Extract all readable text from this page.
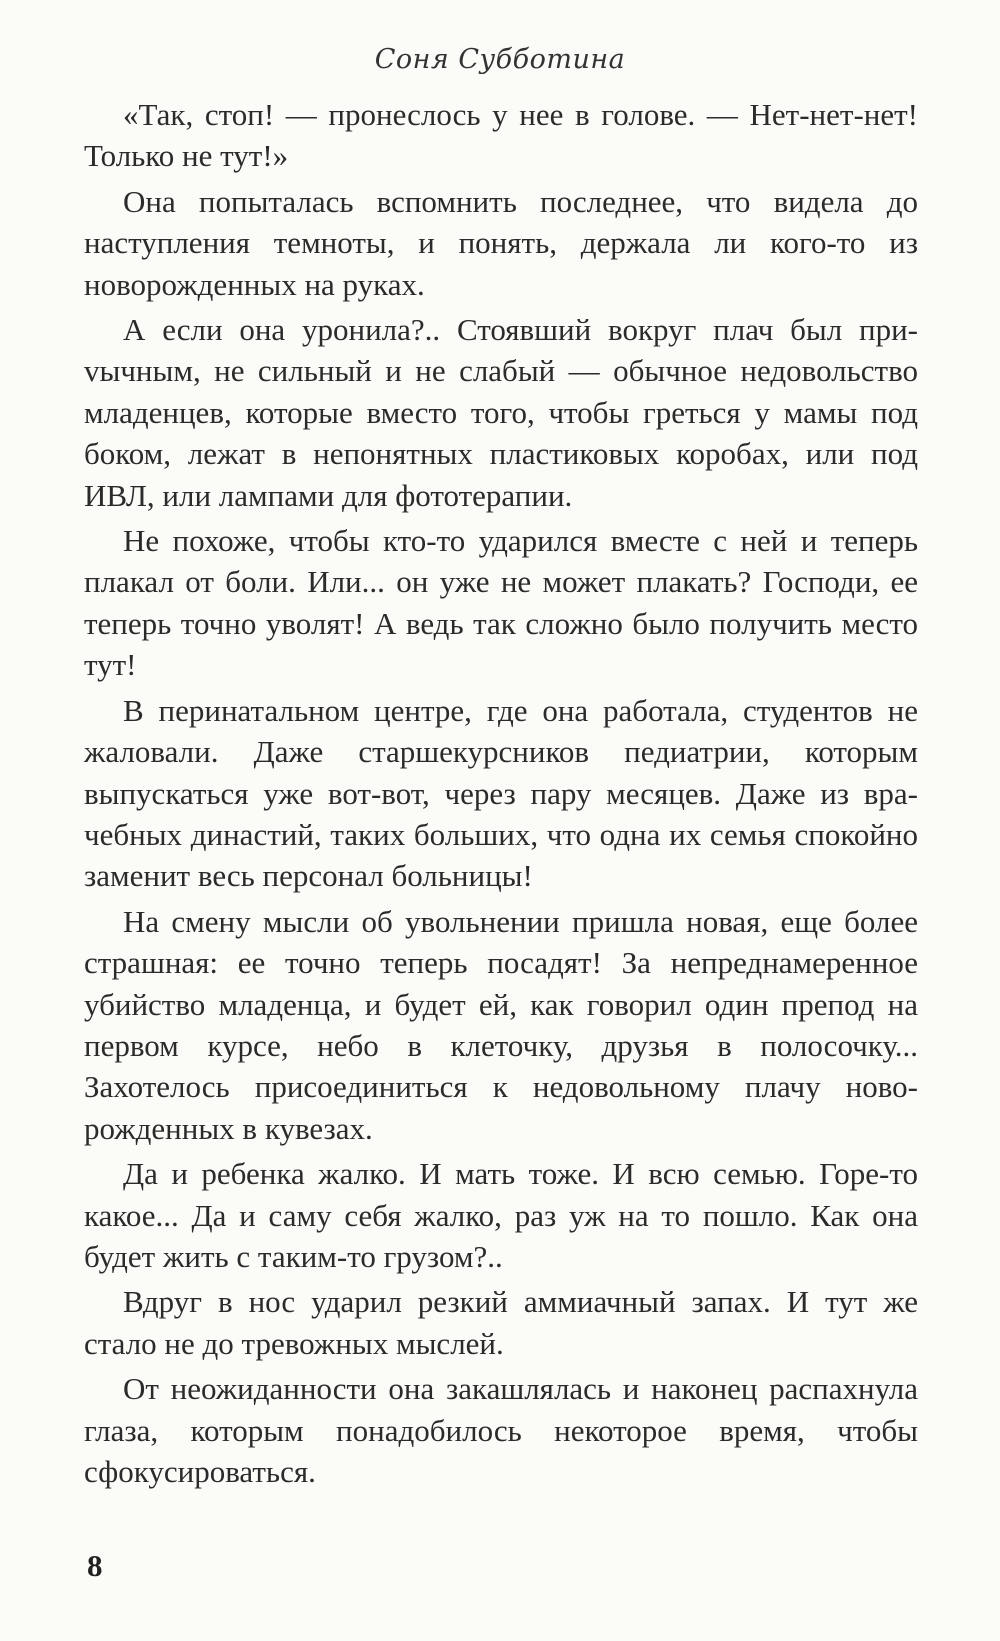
Соня Субботина

«Так, стоп! — пронеслось у нее в голове. — Нет-нет-нет! Только не тут!»

Она попыталась вспомнить последнее, что видела до наступления темноты, и понять, держала ли кого-то из новорожденных на руках.

А если она уронила?.. Стоявший вокруг плач был приvычным, не сильный и не слабый — обычное недовольство младенцев, которые вместо того, чтобы греться у мамы под боком, лежат в непонятных пластиковых коробах, или под ИВЛ, или лампами для фототерапии.

Не похоже, чтобы кто-то ударился вместе с ней и теперь плакал от боли. Или... он уже не может плакать? Господи, ее теперь точно уволят! А ведь так сложно было получить место тут!

В перинатальном центре, где она работала, студентов не жаловали. Даже старшекурсников педиатрии, которым выпускаться уже вот-вот, через пару месяцев. Даже из врачебных династий, таких больших, что одна их семья спокойно заменит весь персонал больницы!

На смену мысли об увольнении пришла новая, еще более страшная: ее точно теперь посадят! За непреднамеренное убийство младенца, и будет ей, как говорил один препод на первом курсе, небо в клеточку, друзья в полосочку... Захотелось присоединиться к недовольному плачу новорожденных в кувезах.

Да и ребенка жалко. И мать тоже. И всю семью. Горе-то какое... Да и саму себя жалко, раз уж на то пошло. Как она будет жить с таким-то грузом?..

Вдруг в нос ударил резкий аммиачный запах. И тут же стало не до тревожных мыслей.

От неожиданности она закашлялась и наконец распахнула глаза, которым понадобилось некоторое время, чтобы сфокусироваться.

8
